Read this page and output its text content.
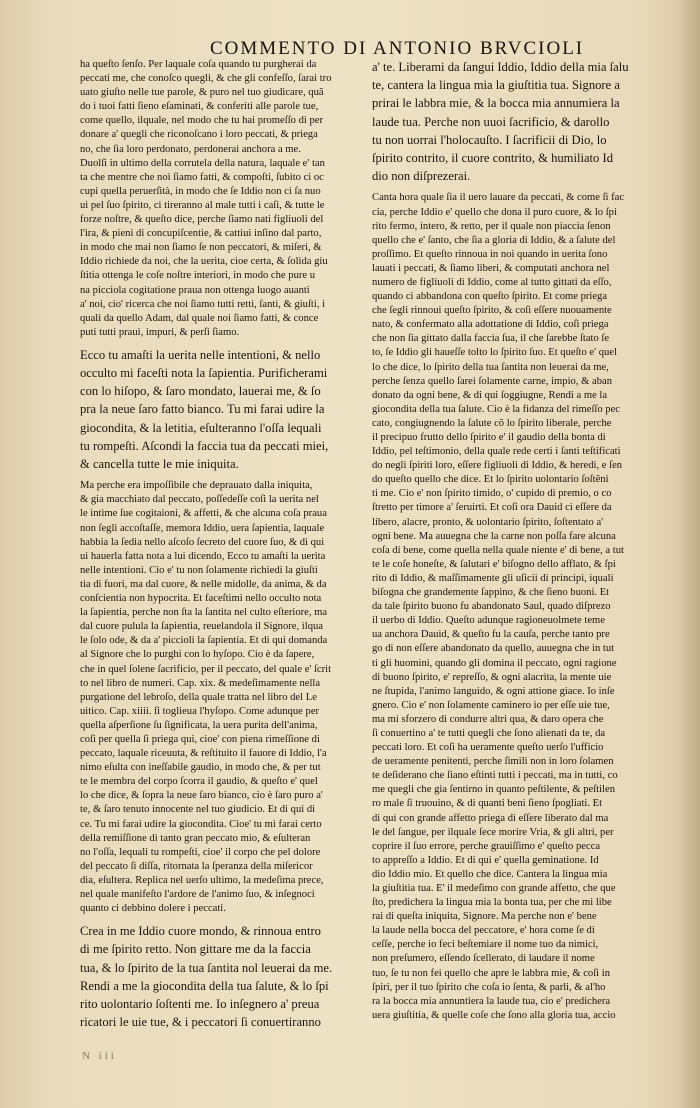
COMMENTO DI ANTONIO BRVCIOLI
ha queſto ſenſo. Per laquale coſa quando tu purgherai da
peccati me, che conoſco quegli, & che gli confeſſo, ſarai tro
uato giuſto nelle tue parole, & puro nel tuo giudicare, quã
do i tuoi fatti ſieno eſaminati, & conferiti alle parole tue,
come quello, ilquale, nel modo che tu hai promeſſo di per
donare a' quegli che riconoſcano i loro peccati, & priega
no, che ſia loro perdonato, perdonerai anchora a me.
Duolſi in ultimo della corrutela della natura, laquale e' tan
ta che mentre che noi ſiamo fatti, & compoſti, ſubito ci oc
cupi quella peruerſità, in modo che ſe Iddio non ci ſa nuo
ui pel ſuo ſpirito, ci tireranno al male tutti i caſi, & tutte le
forze noſtre, & queſto dice, perche ſiamo nati figliuoli del
l'ira, & pieni di concupiſcentie, & cattiui inſino dal parto,
in modo che mai non ſiamo ſe non peccatori, & miſeri, &
Iddio richiede da noi, che la uerita, cioe certa, & ſolida giu
ſtitia ottenga le coſe noſtre interiori, in modo che pure u
na picciola cogitatione praua non ottenga luogo auanti
a' noi, cio' ricerca che noi ſiamo tutti retti, ſanti, & giuſti, i
quali da quello Adam, dal quale noi ſiamo fatti, & conce
puti tutti praui, impuri, & perſi ſiamo.
Ecco tu amaſti la uerita nelle intentioni, & nello
occulto mi faceſti nota la ſapientia. Purificherami
con lo hiſopo, & ſaro mondato, lauerai me, & ſo
pra la neue ſaro fatto bianco. Tu mi farai udire la
giocondita, & la letitia, eſulteranno l'oſſa lequali
tu rompeſti. Aſcondi la faccia tua da peccati miei,
& cancella tutte le mie iniquita.
Ma perche era impoſſibile che deprauato dalla iniquita,
& gia macchiato dal peccato, poſſedeſſe coſi la uerita nel
le intime ſue cogitaioni, & affetti, & che alcuna coſa praua
non ſegli accoſtaſſe, memora Iddio, uera ſapientia, laquale
habbia la ſedia nello aſcoſo ſecreto del cuore ſuo, & di qui
ui hauerla fatta nota a lui dicendo, Ecco tu amaſti la uerita
nelle intentioni. Cio e' tu non ſolamente richiedi la giuſti
tia di fuori, ma dal cuore, & nelle midolle, da anima, & da
conſcientia non hypocrita. Et faceſtimi nello occulto nota
la ſapientia, perche non ſta la ſantita nel culto eſteriore, ma
dal cuore pulula la ſapientia, reuelandola il Signore, ilqua
le ſolo ode, & da a' piccioli la ſapientia. Et di qui domanda
al Signore che lo purghi con lo hyſopo. Cio è da ſapere,
che in quel ſolene ſacrificio, per il peccato, del quale e' ſcrit
to nel libro de numeri. Cap. xix. & medeſimamente nella
purgatione del lebroſo, della quale tratta nel libro del Le
uitico. Cap. xiiii. ſi toglieua l'hyſopo. Come adunque per
quella aſperſione ſu ſignificata, la uera purita dell'anima,
coſi per quella ſi priega qui, cioe' con piena rimeſſione di
peccato, laquale riceuuta, & reſtituito il fauore di Iddio, l'a
nimo eſulta con ineſſabile gaudio, in modo che, & per tut
te le membra del corpo ſcorra il gaudio, & queſto e' quel
lo che dice, & ſopra la neue ſaro bianco, cio è ſaro puro a'
te, & ſaro tenuto innocente nel tuo giudicio. Et di qui di
ce. Tu mi farai udire la giocondita. Cioe' tu mi farai certo
della remiſſione di tanto gran peccato mio, & eſulteran
no l'oſſa, lequali tu rompeſti, cioe' il corpo che pel dolore
del peccato ſi diſſa, ritornata la ſperanza della miſericor
dia, eſultera. Replica nel uerſo ultimo, la medeſima prece,
nel quale manifeſto l'ardore de l'animo ſuo, & inſegnoci
quanto ci debbino dolere i peccati.
Crea in me Iddio cuore mondo, & rinnoua entro
di me ſpirito retto. Non gittare me da la faccia
tua, & lo ſpirito de la tua ſantita nol leuerai da me.
Rendi a me la giocondita della tua ſalute, & lo ſpi
rito uolontario ſoſtenti me. Io inſegnero a' preua
ricatori le uie tue, & i peccatori ſi conuertiranno
a' te. Liberami da ſangui Iddio, Iddio della mia ſalu
te, cantera la lingua mia la giuſtitia tua. Signore a
prirai le labbra mie, & la bocca mia annumiera la
laude tua. Perche non uuoi ſacrificio, & darollo
tu non uorrai l'holocauſto. I ſacrificii di Dio, lo
ſpirito contrito, il cuore contrito, & humiliato Id
dio non diſprezerai.
Canta hora quale ſia il uero lauare da peccati, & come ſi fac
cia, perche Iddio e' quello che dona il puro cuore, & lo ſpi
rito fermo, intero, & retto, per il quale non piaccia ſenon
quello che e' ſanto, che ſia a gloria di Iddio, & a ſalute del
proſſimo. Et queſto rinnoua in noi quando in uerita ſono
lauati i peccati, & ſiamo liberi, & computati anchora nel
numero de figliuoli di Iddio, come al tutto gittati da eſſo,
quando ci abbandona con queſto ſpirito. Et come priega
che ſegli rinnoui queſto ſpirito, & coſi eſſere nuouamente
nato, & confermato alla adottatione di Iddio, coſi priega
che non ſia gittato dalla faccia ſua, il che ſarebbe ſtato ſe
to, ſe Iddio gli haueſſe tolto lo ſpirito ſuo. Et queſto e' quel
lo che dice, lo ſpirito della tua ſantita non leuerai da me,
perche ſenza quello ſarei ſolamente carne, impio, & aban
donato da ogni bene, & di qui ſoggiugne, Rendi a me la
giocondita della tua ſalute. Cio è la fidanza del rimeſſo pec
cato, congiugnendo la ſalute cõ lo ſpirito liberale, perche
il precipuo frutto dello ſpirito e' il gaudio della bonta di
Iddio, pel teſtimonio, della quale rede certi i ſanti teſtificati
do negli ſpiriti loro, eſſere figliuoli di Iddio, & heredi, e ſen
do queſto quello che dice. Et lo ſpirito uolontario ſoſtẽni
ti me. Cio e' non ſpirito timido, o' cupido di premio, o co
ſtretto per timore a' ſeruirti. Et coſi ora Dauid ci eſſere da
libero, alacre, pronto, & uolontario ſpirito, ſoſtentato a'
ogni bene. Ma auuegna che la carne non poſſa fare alcuna
coſa di bene, come quella nella quale niente e' di bene, a tut
te le coſe honeſte, & ſalutari e' biſogno dello afflato, & ſpi
rito di Iddio, & maſſimamente gli uſicii di principi, iquali
biſogna che grandemente ſappino, & che ſieno buoni. Et
da tale ſpirito buono fu abandonato Saul, quado diſprezo
il uerbo di Iddio. Queſto adunque ragioneuolmete teme
ua anchora Dauid, & queſto fu la cauſa, perche tanto pre
go di non eſſere abandonato da quello, auuegna che in tut
ti gli huomini, quando gli domina il peccato, ogni ragione
di buono ſpirito, e' repreſſo, & ogni alacrita, la mente uie
ne ſtupida, l'animo languido, & ogni attione giace. Io inſe
gnero. Cio e' non ſolamente caminero io per eſſe uie tue,
ma mi sforzero di condurre altri qua, & daro opera che
ſi conuertino a' te tutti quegli che ſono alienati da te, da
peccati loro. Et coſi ha ueramente queſto uerſo l'ufficio
de ueramente penitenti, perche ſimili non in loro ſolamen
te deſiderano che ſiano eſtinti tutti i peccati, ma in tutti, co
me quegli che gia ſentirno in quanto peſtilente, & peſtilen
ro male ſi truouino, & di quanti beni ſieno ſpogliati. Et
di qui con grande affetto priega di eſſere liberato dal ma
le del ſangue, per ilquale ſece morire Vria, & gli altri, per
coprire il ſuo errore, perche grauiſſimo e' queſto pecca
to appreſſo a Iddio. Et di qui e' quella geminatione. Id
dio Iddio mio. Et quello che dice. Cantera la lingua mia
la giuſtitia tua. E' il medeſimo con grande affetto, che que
ſto, predichera la lingua mia la bonta tua, per che mi libe
rai di queſta iniquita, Signore. Ma perche non e' bene
la laude nella bocca del peccatore, e' hora come ſe di
ceſſe, perche io feci beſtemiare il nome tuo da nimici,
non preſumero, eſſendo ſcellerato, di laudare il nome
tuo, ſe tu non fei quello che apre le labbra mie, & coſi in
ſpiri, per il tuo ſpirito che coſa io ſenta, & parli, & al'ho
ra la bocca mia annuntiera la laude tua, cio e' predichera
uera giuſtitia, & quelle coſe che ſono alla gloria tua, accio
N iii
